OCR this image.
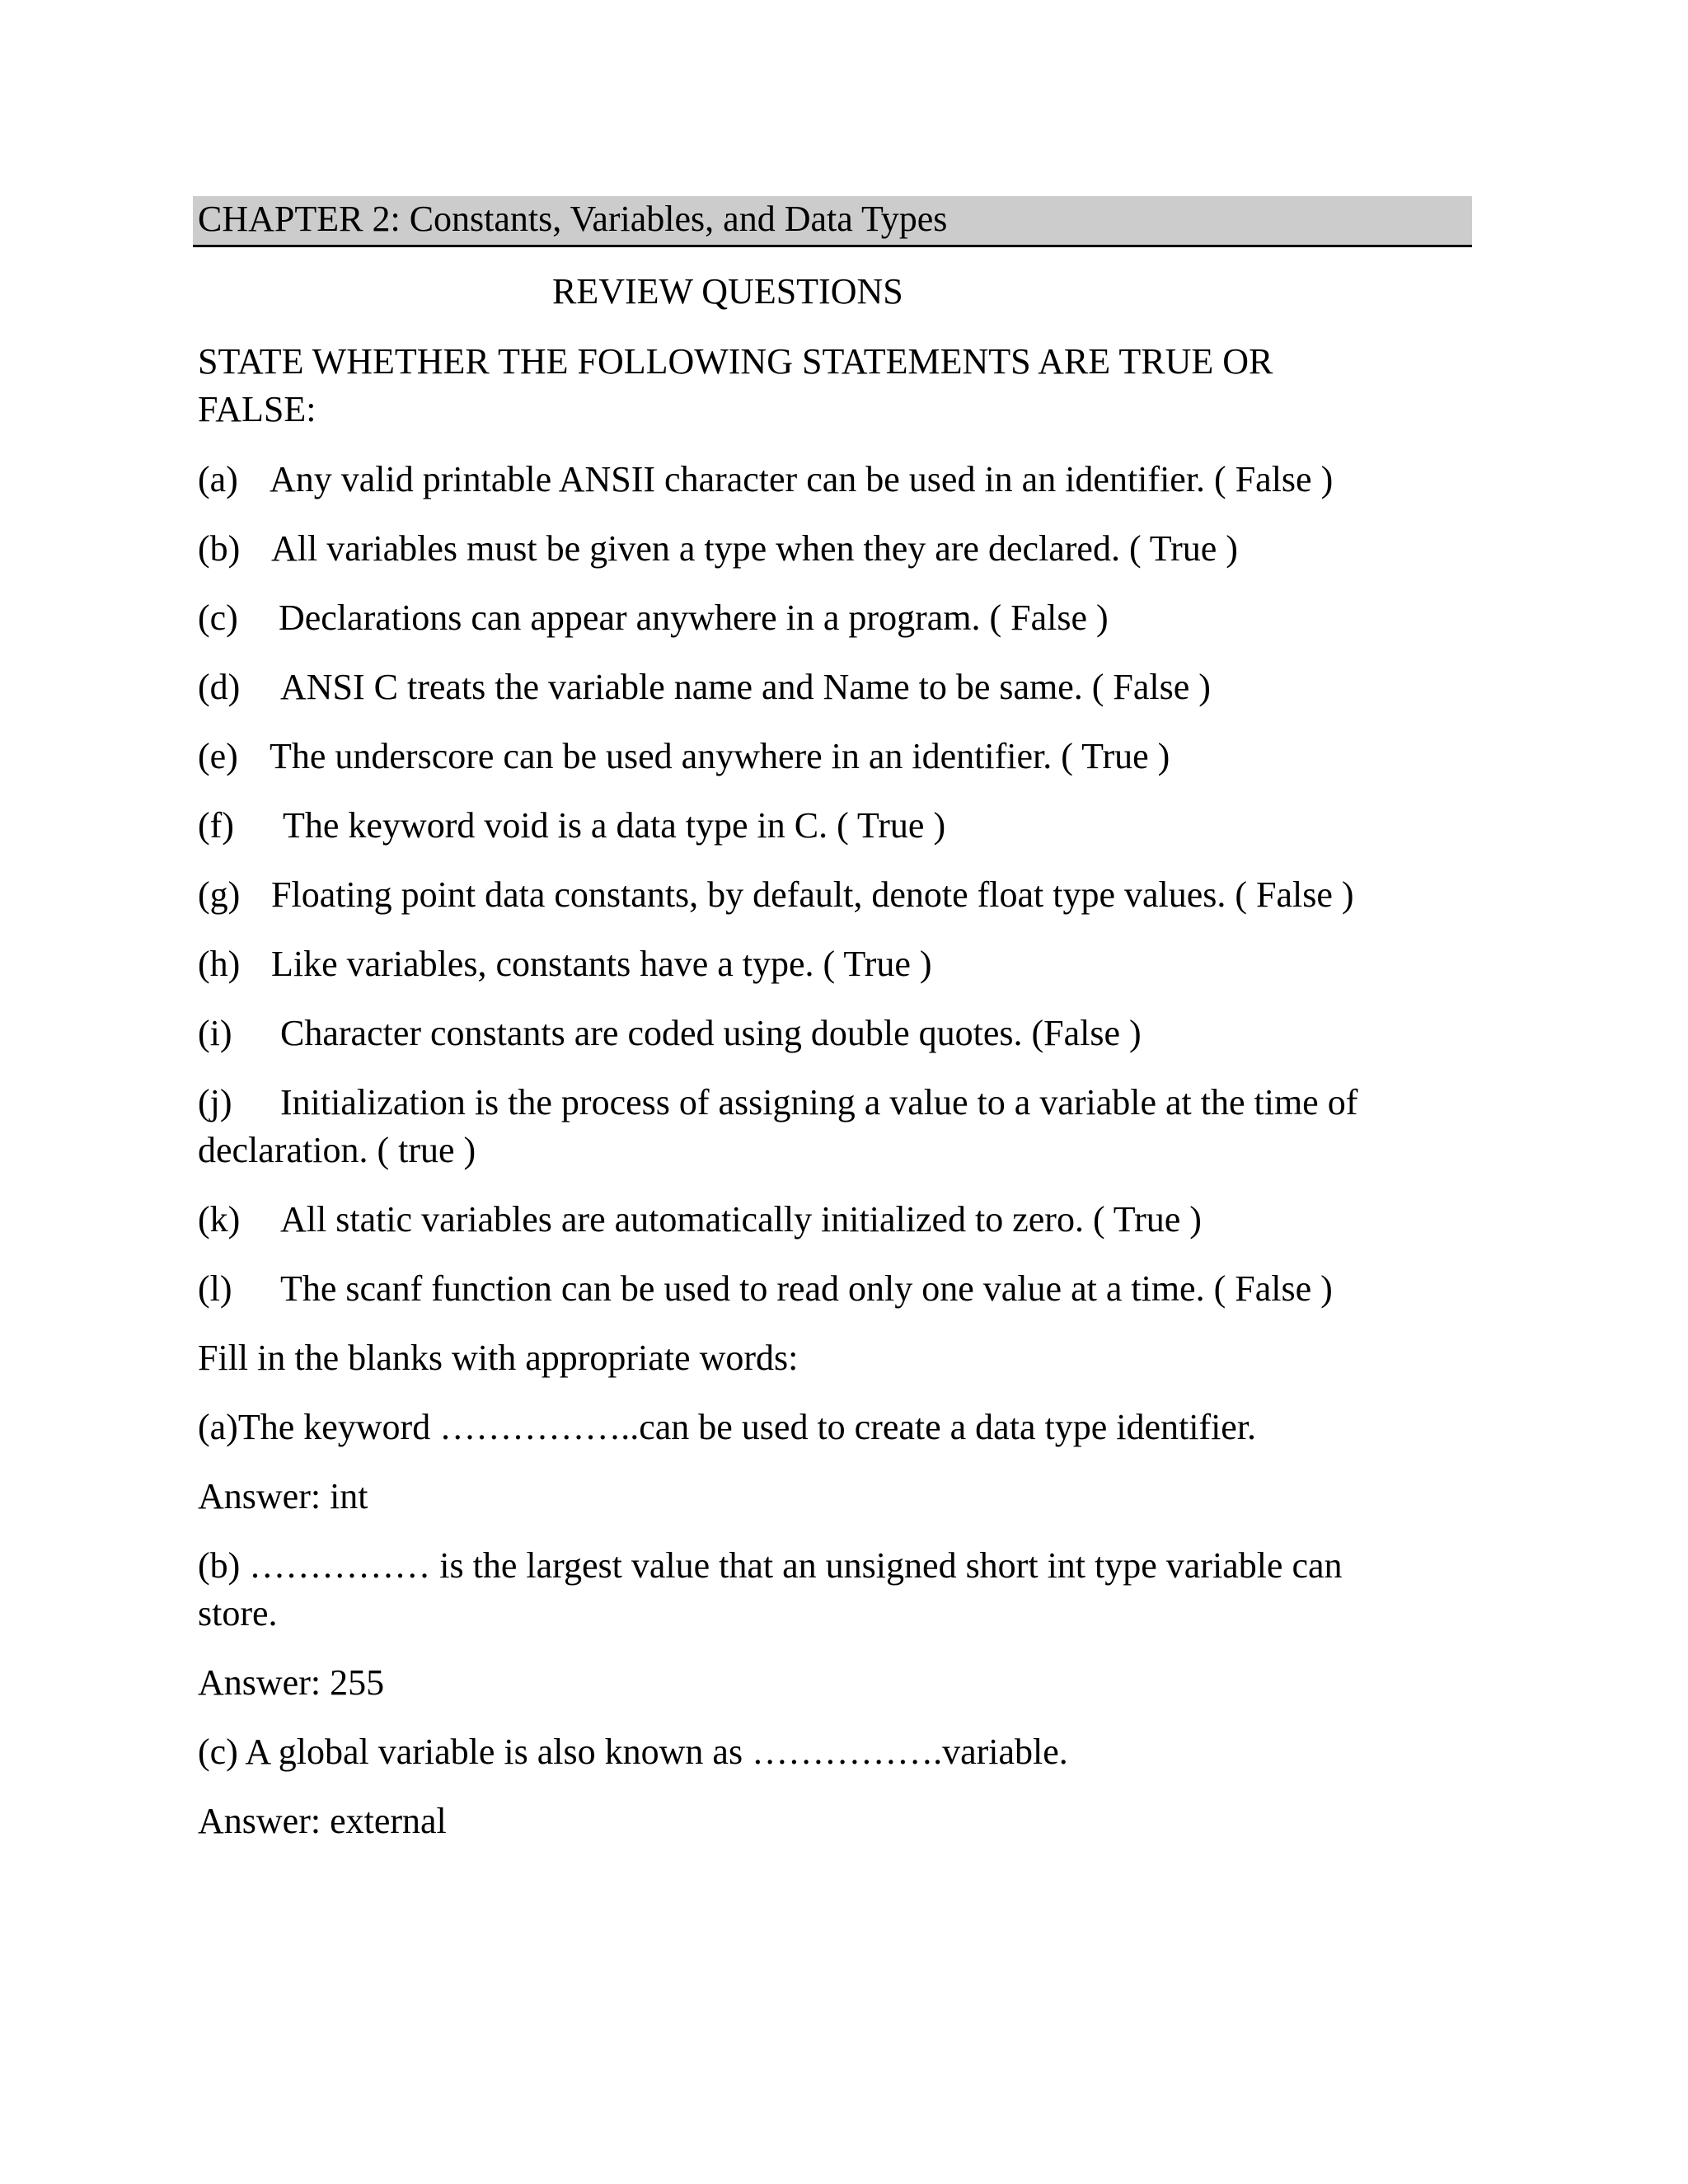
CHAPTER 2: Constants, Variables, and Data Types
REVIEW QUESTIONS
STATE WHETHER THE FOLLOWING STATEMENTS ARE TRUE OR
FALSE:
(a) Any valid printable ANSII character can be used in an identifier. ( False )
(b) All variables must be given a type when they are declared. ( True )
(c) Declarations can appear anywhere in a program. ( False )
(d) ANSI C treats the variable name and Name to be same. ( False )
(e) The underscore can be used anywhere in an identifier. ( True )
(f) The keyword void is a data type in C. ( True )
(g) Floating point data constants, by default, denote float type values. ( False )
(h) Like variables, constants have a type. ( True )
(i) Character constants are coded using double quotes. (False )
(j) Initialization is the process of assigning a value to a variable at the time of
declaration. ( true )
(k) All static variables are automatically initialized to zero. ( True )
(l) The scanf function can be used to read only one value at a time. ( False )
Fill in the blanks with appropriate words:
(a)The keyword ……………..can be used to create a data type identifier.
Answer: int
(b) …………… is the largest value that an unsigned short int type variable can
store.
Answer: 255
(c) A global variable is also known as …………….variable.
Answer: external
